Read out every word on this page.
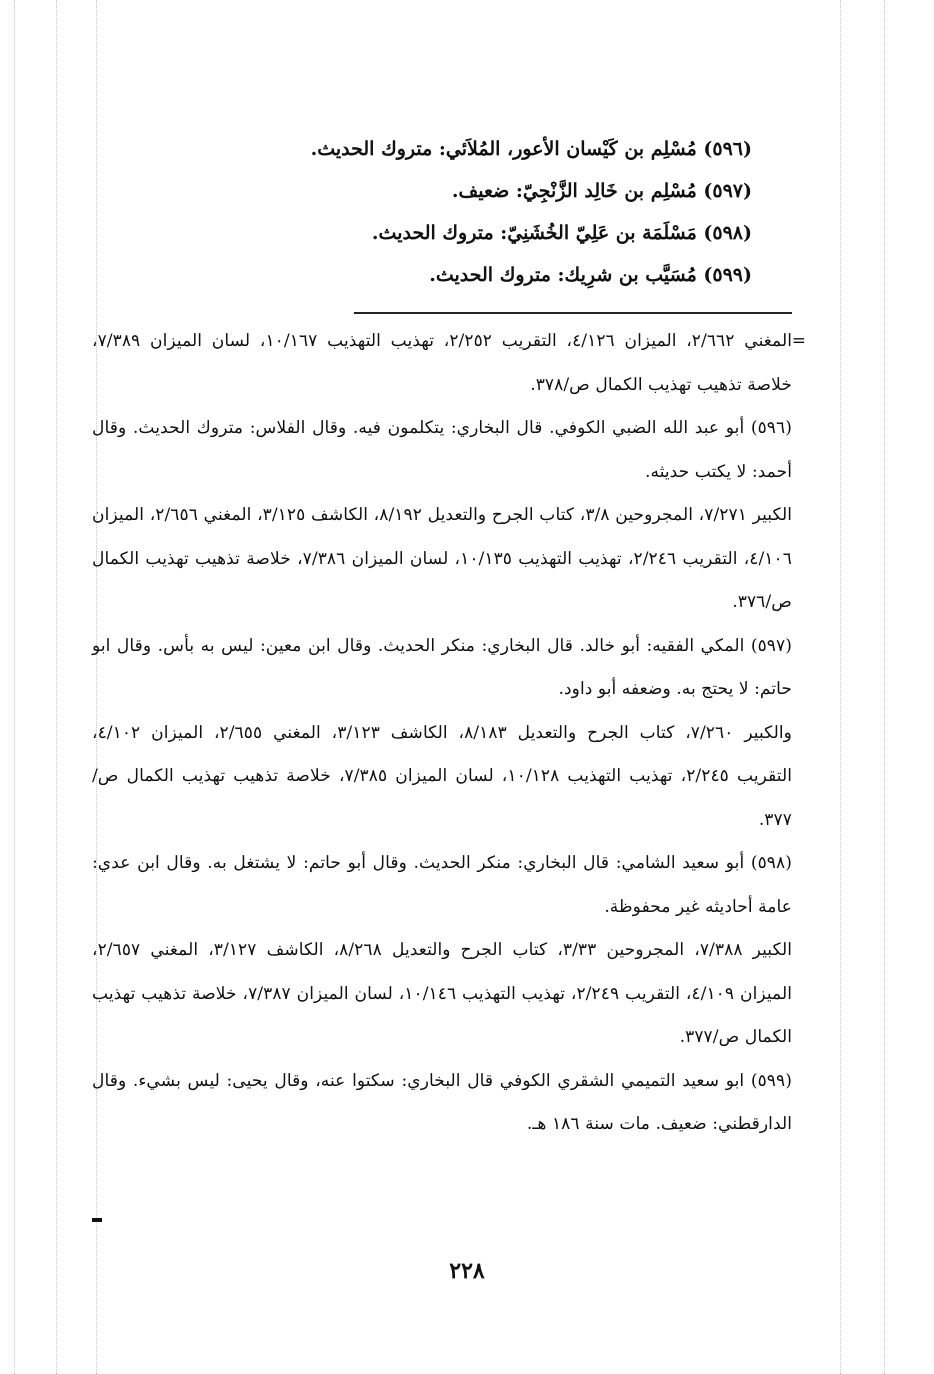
(٥٩٦) مُسْلِم بن كَيْسان الأعور، المُلاَئي: متروك الحديث.
(٥٩٧) مُسْلِم بن خَالِد الزَّنْجِيّ: ضعيف.
(٥٩٨) مَسْلَمَة بن عَلِيّ الخُشَنِيّ: متروك الحديث.
(٥٩٩) مُسَيَّب بن شرِيك: متروك الحديث.
=
المغني ٢/٦٦٢، الميزان ٤/١٢٦، التقريب ٢/٢٥٢، تهذيب التهذيب ١٠/١٦٧، لسان الميزان ٧/٣٨٩، خلاصة تذهيب تهذيب الكمال ص/٣٧٨.
(٥٩٦) أبو عبد الله الضبي الكوفي. قال البخاري: يتكلمون فيه. وقال الفلاس: متروك الحديث. وقال أحمد: لا يكتب حديثه.
الكبير ٧/٢٧١، المجروحين ٣/٨، كتاب الجرح والتعديل ٨/١٩٢، الكاشف ٣/١٢٥، المغني ٢/٦٥٦، الميزان ٤/١٠٦، التقريب ٢/٢٤٦، تهذيب التهذيب ١٠/١٣٥، لسان الميزان ٧/٣٨٦، خلاصة تذهيب تهذيب الكمال ص/٣٧٦.
(٥٩٧) المكي الفقيه: أبو خالد. قال البخاري: منكر الحديث. وقال ابن معين: ليس به بأس. وقال ابو حاتم: لا يحتج به. وضعفه أبو داود.
والكبير ٧/٢٦٠، كتاب الجرح والتعديل ٨/١٨٣، الكاشف ٣/١٢٣، المغني ٢/٦٥٥، الميزان ٤/١٠٢، التقريب ٢/٢٤٥، تهذيب التهذيب ١٠/١٢٨، لسان الميزان ٧/٣٨٥، خلاصة تذهيب تهذيب الكمال ص/٣٧٧.
(٥٩٨) أبو سعيد الشامي: قال البخاري: منكر الحديث. وقال أبو حاتم: لا يشتغل به. وقال ابن عدي: عامة أحاديثه غير محفوظة.
الكبير ٧/٣٨٨، المجروحين ٣/٣٣، كتاب الجرح والتعديل ٨/٢٦٨، الكاشف ٣/١٢٧، المغني ٢/٦٥٧، الميزان ٤/١٠٩، التقريب ٢/٢٤٩، تهذيب التهذيب ١٠/١٤٦، لسان الميزان ٧/٣٨٧، خلاصة تذهيب تهذيب الكمال ص/٣٧٧.
(٥٩٩) ابو سعيد التميمي الشقري الكوفي قال البخاري: سكتوا عنه، وقال يحيى: ليس بشيء. وقال الدارقطني: ضعيف. مات سنة ١٨٦ هـ.
٢٢٨
